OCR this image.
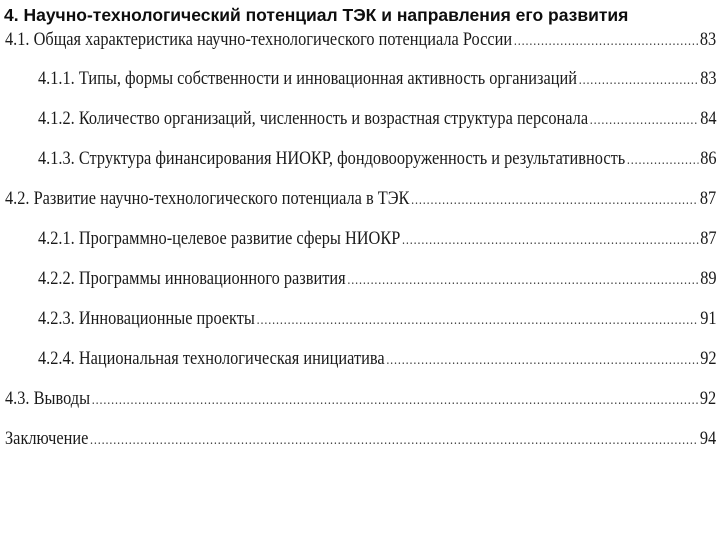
4. Научно-технологический потенциал ТЭК и направления его развития
4.1. Общая характеристика научно-технологического потенциала России .....	83
4.1.1. Типы, формы собственности и инновационная активность организаций .....	83
4.1.2. Количество организаций, численность и возрастная структура персонала .....	84
4.1.3. Структура финансирования НИОКР, фондовооруженность и результативность .....	86
4.2. Развитие научно-технологического потенциала в ТЭК .....	87
4.2.1. Программно-целевое развитие сферы НИОКР .....	87
4.2.2. Программы инновационного развития .....	89
4.2.3. Инновационные проекты .....	91
4.2.4. Национальная технологическая инициатива .....	92
4.3. Выводы .....	92
Заключение .....	94
